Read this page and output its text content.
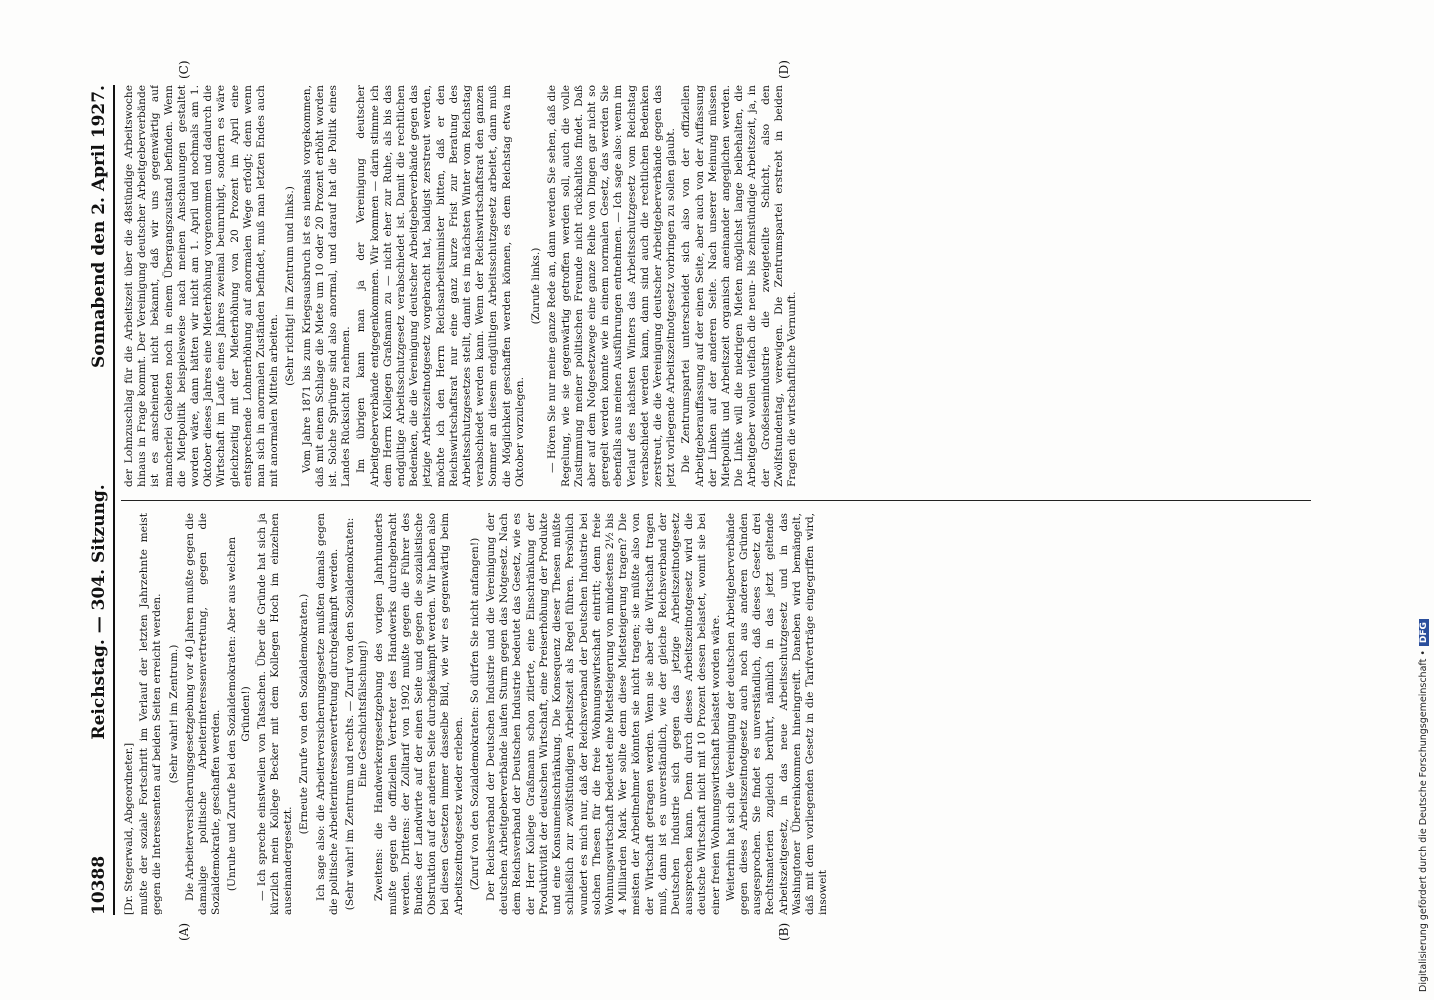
10388
Reichstag. — 304. Sitzung.
Sonnabend den 2. April 1927.

[Dr. Stegerwald, Abgeordneter.] mußte der soziale Fortschritt im Verlauf der letzten Jahrzehnte meist gegen die Interessenten auf beiden Seiten erreicht werden. (Sehr wahr! im Zentrum.) Die Arbeiterversicherungsgesetzgebung vor 40 Jahren mußte gegen die damalige politische Arbeiterinteressenvertretung, gegen die Sozialdemokratie, geschaffen werden. (Unruhe und Zurufe bei den Sozialdemokraten: Aber aus welchen Gründen!) — Ich spreche einstweilen von Tatsachen. Über die Gründe hat sich ja kürzlich mein Kollege Becker mit dem Kollegen Hoch im einzelnen auseinandergesetzt.

(Erneute Zurufe von den Sozialdemokraten.) Ich sage also: die Arbeiterversicherungsgesetze mußten damals gegen die politische Arbeiterinteressenvertretung durchgekämpft werden. (Sehr wahr! im Zentrum und rechts. — Zuruf von den Sozialdemokraten: Eine Geschichtsfälschung!) Zweitens: die Handwerkergesetzgebung des vorigen Jahrhunderts mußte gegen die offiziellen Vertreter des Handwerks durchgebracht werden. Drittens: der Zolltarif von 1902 mußte gegen die Führer des Bundes der Landwirte auf der einen Seite und gegen die sozialistische Obstruktion auf der anderen Seite durchgekämpft werden. Wir haben also bei diesen Gesetzen immer dasselbe Bild, wie wir es gegenwärtig beim Arbeitszeitnotgesetz wieder erleben. (Zuruf von den Sozialdemokraten: So dürfen Sie nicht anfangen!) Der Reichsverband der Deutschen Industrie und die Vereinigung der deutschen Arbeitgeberverbände laufen Sturm gegen das Notgesetz. Nach dem Reichsverband der Deutschen Industrie bedeutet das Gesetz, wie es der Herr Kollege Graßmann schon zitierte, eine Einschränkung der Produktivität der deutschen Wirtschaft, eine Preiserhöhung der Produkte und eine Konsumeinschränkung. Die Konsequenz dieser Thesen müßte schließlich zur zwölfstündigen Arbeitszeit als Regel führen. Persönlich wundert es mich nur, daß der Reichsverband der Deutschen Industrie bei solchen Thesen für die freie Wohnungswirtschaft eintritt; denn freie Wohnungswirtschaft bedeutet eine Mietsteigerung von mindestens 2½ bis 4 Milliarden Mark. Wer sollte denn diese Mietsteigerung tragen? Die meisten der Arbeitnehmer könnten sie nicht tragen; sie müßte also von der Wirtschaft getragen werden. Wenn sie aber die Wirtschaft tragen muß, dann ist es unverständlich, wie der gleiche Reichsverband der Deutschen Industrie sich gegen das jetzige Arbeitszeitnotgesetz aussprechen kann. Denn durch dieses Arbeitszeitnotgesetz wird die deutsche Wirtschaft nicht mit 10 Prozent dessen belastet, womit sie bei einer freien Wohnungswirtschaft belastet worden wäre. Weiterhin hat sich die Vereinigung der deutschen Arbeitgeberverbände gegen dieses Arbeitszeitnotgesetz auch noch aus anderen Gründen ausgesprochen. Sie findet es unverständlich, daß dieses Gesetz drei Rechtsmaterien zugleich berührt, nämlich in das jetzt geltende Arbeitszeitgesetz, in das neue Arbeitsschutzgesetz und in das Washingtoner Übereinkommen hineingreift. Daneben wird bemängelt, daß mit dem vorliegenden Gesetz in die Tarifverträge eingegriffen wird, insoweit

der Lohnzuschlag für die Arbeitszeit über die 48stündige Arbeitswoche hinaus in Frage kommt. Der Vereinigung deutscher Arbeitgeberverbände ist es anscheinend nicht bekannt, daß wir uns gegenwärtig auf mancherlei Gebieten noch in einem Übergangszustand befinden. Wenn die Mietpolitik beispielsweise nach meinen Anschauungen gestaltet worden wäre, dann hätten wir nicht am 1. April und nochmals am 1. Oktober dieses Jahres eine Mieterhöhung vorgenommen und dadurch die Wirtschaft im Laufe eines Jahres zweimal beunruhigt, sondern es wäre gleichzeitig mit der Mieterhöhung von 20 Prozent im April eine entsprechende Lohnerhöhung auf anormalen Wege erfolgt; denn wenn man sich in anormalen Zuständen befindet, muß man letzten Endes auch mit anormalen Mitteln arbeiten.

(Sehr richtig! im Zentrum und links.) Vom Jahre 1871 bis zum Kriegsausbruch ist es niemals vorgekommen, daß mit einem Schlage die Miete um 10 oder 20 Prozent erhöht worden ist. Solche Sprünge sind also anormal, und darauf hat die Politik eines Landes Rücksicht zu nehmen. Im übrigen kann man ja der Vereinigung deutscher Arbeitgeberverbände entgegenkommen. Wir kommen — darin stimme ich dem Herrn Kollegen Graßmann zu — nicht eher zur Ruhe, als bis das endgültige Arbeitsschutzgesetz verabschiedet ist. Damit die rechtlichen Bedenken, die die Vereinigung deutscher Arbeitgeberverbände gegen das jetzige Arbeitszeitnotgesetz vorgebracht hat, baldigst zerstreut werden, möchte ich den Herrn Reichsarbeitsminister bitten, daß er den Reichswirtschaftsrat nur eine ganz kurze Frist zur Beratung des Arbeitsschutzgesetzes stellt, damit es im nächsten Winter vom Reichstag verabschiedet werden kann. Wenn der Reichswirtschaftsrat den ganzen Sommer an diesem endgültigen Arbeitsschutzgesetz arbeitet, dann muß die Möglichkeit geschaffen werden können, es dem Reichstag etwa im Oktober vorzulegen.

(Zurufe links.) — Hören Sie nur meine ganze Rede an, dann werden Sie sehen, daß die Regelung, wie sie gegenwärtig getroffen werden soll, auch die volle Zustimmung meiner politischen Freunde nicht rückhaltlos findet. Daß aber auf dem Notgesetzwege eine ganze Reihe von Dingen gar nicht so geregelt werden konnte wie in einem normalen Gesetz, das werden Sie ebenfalls aus meinen Ausführungen entnehmen. — Ich sage also: wenn im Verlauf des nächsten Winters das Arbeitsschutzgesetz vom Reichstag verabschiedet werden kann, dann sind auch die rechtlichen Bedenken zerstreut, die die Vereinigung deutscher Arbeitgeberverbände gegen das jetzt vorliegende Arbeitszeitnotgesetz vorbringen zu sollen glaubt. Die Zentrumspartei unterscheidet sich also von der offiziellen Arbeitgeberauffassung auf der einen Seite, aber auch von der Auffassung der Linken auf der anderen Seite. Nach unserer Meinung müssen Mietpolitik und Arbeitszeit organisch aneinander angeglichen werden. Die Linke will die niedrigen Mieten möglichst lange beibehalten, die Arbeitgeber wollen vielfach die neun- bis zehnstündige Arbeitszeit, ja, in der Großeisenindustrie die zweigeteilte Schicht, also den Zwölfstundentag, verewigen. Die Zentrumspartei erstrebt in beiden Fragen die wirtschaftliche Vernunft.

(A)	(B)
(C)	(D)
Digitalisierung gefördert durch die Deutsche Forschungsgemeinschaft •DFG
